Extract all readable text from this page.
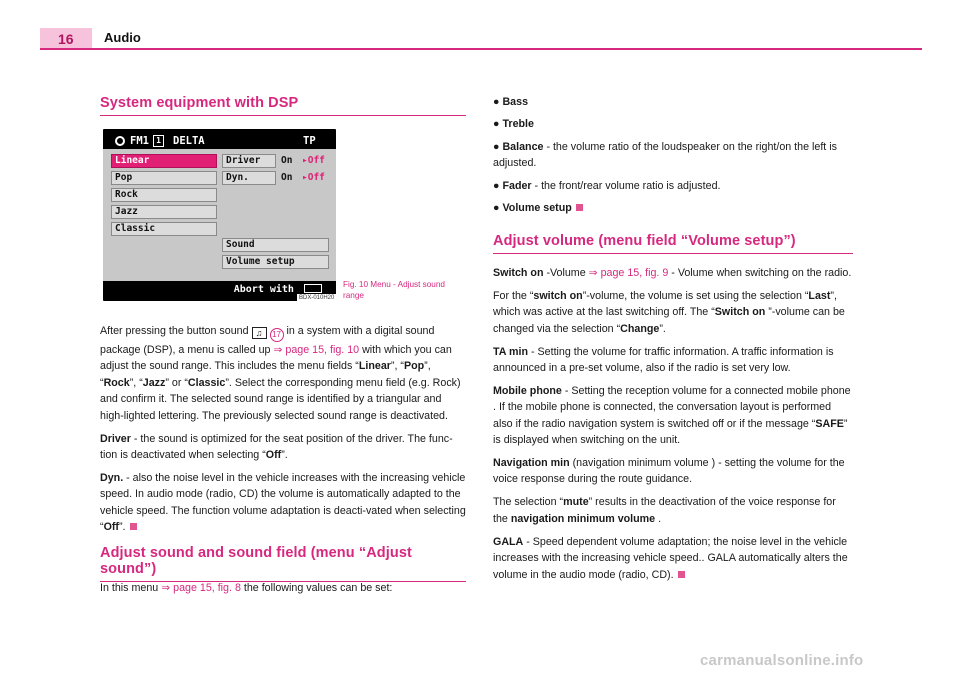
16	Audio
System equipment with DSP
FM1 1 DELTA	TP
Linear
Pop
Rock
Jazz
Classic
Driver	On ▸Off
Dyn.	On ▸Off
Sound
Volume setup
Abort with
BDX-010H20
Fig. 10 Menu - Adjust sound range

After pressing the button sound ♫ 17 in a system with a digital sound package (DSP), a menu is called up ⇒ page 15, fig. 10 with which you can adjust the sound range. This includes the menu fields “Linear”, “Pop”, “Rock”, “Jazz” or “Classic”. Select the corresponding menu field (e.g. Rock) and confirm it. The selected sound range is identified by a triangular and high-lighted lettering. The previously selected sound range is deactivated.

Driver - the sound is optimized for the seat position of the driver. The func-tion is deactivated when selecting “Off”.

Dyn. - also the noise level in the vehicle increases with the increasing vehicle speed. In audio mode (radio, CD) the volume is automatically adapted to the vehicle speed. The function volume adaptation is deacti-vated when selecting “Off”.

Adjust sound and sound field (menu “Adjust sound”)

In this menu ⇒ page 15, fig. 8 the following values can be set:

● Bass
● Treble
● Balance - the volume ratio of the loudspeaker on the right/on the left is adjusted.
● Fader - the front/rear volume ratio is adjusted.
● Volume setup
Adjust volume (menu field “Volume setup”)

Switch on -Volume ⇒ page 15, fig. 9 - Volume when switching on the radio.

For the “switch on”-volume, the volume is set using the selection “Last”, which was active at the last switching off. The “Switch on ”-volume can be changed via the selection “Change”.

TA min - Setting the volume for traffic information. A traffic information is announced in a pre-set volume, also if the radio is set very low.

Mobile phone - Setting the reception volume for a connected mobile phone . If the mobile phone is connected, the conversation layout is performed also if the radio navigation system is switched off or if the message “SAFE” is displayed when switching on the unit.

Navigation min (navigation minimum volume ) - setting the volume for the voice response during the route guidance.

The selection “mute” results in the deactivation of the voice response for the navigation minimum volume .

GALA - Speed dependent volume adaptation; the noise level in the vehicle increases with the increasing vehicle speed.. GALA automatically alters the volume in the audio mode (radio, CD).

carmanualsonline.info
